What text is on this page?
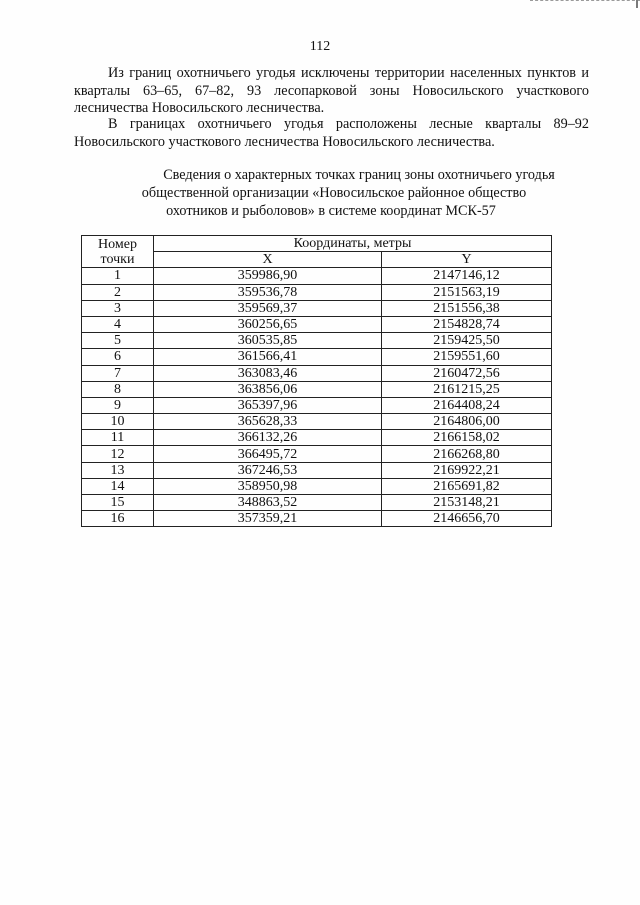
112

Из границ охотничьего угодья исключены территории населенных пунктов и кварталы 63–65, 67–82, 93 лесопарковой зоны Новосильского участкового лесничества Новосильского лесничества.

В границах охотничьего угодья расположены лесные кварталы 89–92 Новосильского участкового лесничества Новосильского лесничества.

Сведения о характерных точках границ зоны охотничьего угодья
общественной организации «Новосильское районное общество
охотников и рыболовов» в системе координат МСК-57
Номер
точки	Координаты, метры	
	X	Y
1	359986,90	2147146,12
2	359536,78	2151563,19
3	359569,37	2151556,38
4	360256,65	2154828,74
5	360535,85	2159425,50
6	361566,41	2159551,60
7	363083,46	2160472,56
8	363856,06	2161215,25
9	365397,96	2164408,24
10	365628,33	2164806,00
11	366132,26	2166158,02
12	366495,72	2166268,80
13	367246,53	2169922,21
14	358950,98	2165691,82
15	348863,52	2153148,21
16	357359,21	2146656,70
